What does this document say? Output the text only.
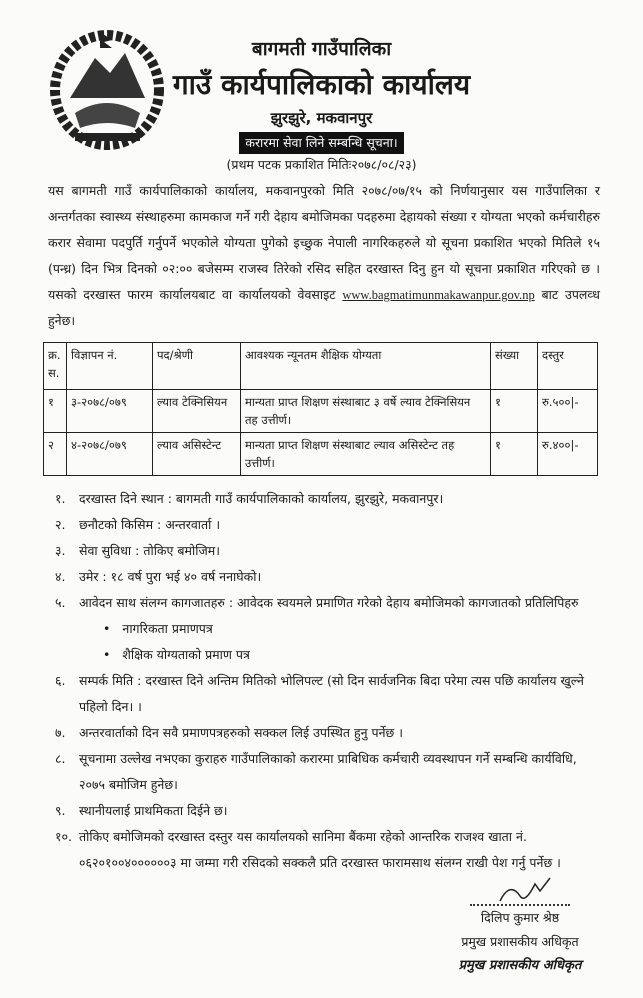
बागमती गाउँपालिका
गाउँ कार्यपालिकाको कार्यालय
झुरझुरे, मकवानपुर
करारमा सेवा लिने सम्बन्धि सूचना।
(प्रथम पटक प्रकाशित मितिः२०७८/०८/२३)
यस बागमती गाउँ कार्यपालिकाको कार्यालय, मकवानपुरको मिति २०७८/०७/१५ को निर्णयानुसार यस गाउँपालिका र अन्तर्गतका स्वास्थ्य संस्थाहरुमा कामकाज गर्ने गरी देहाय बमोजिमका पदहरुमा देहायको संख्या र योग्यता भएको कर्मचारीहरु करार सेवामा पदपुर्ति गर्नुपर्ने भएकोले योग्यता पुगेको इच्छुक नेपाली नागरिकहरुले यो सूचना प्रकाशित भएको मितिले १५ (पन्ध्र) दिन भित्र दिनको ०२:०० बजेसम्म राजस्व तिरेको रसिद सहित दरखास्त दिनु हुन यो सूचना प्रकाशित गरिएको छ । यसको दरखास्त फारम कार्यालयबाट वा कार्यालयको वेवसाइट www.bagmatimunmakawanpur.gov.np बाट उपलव्ध हुनेछ।
क्र. स.	विज्ञापन नं.	पद/श्रेणी	आवश्यक न्यूनतम शैक्षिक योग्यता	संख्या	दस्तुर
१	३-२०७८/०७९	ल्याव टेक्निसियन	मान्यता प्राप्त शिक्षण संस्थाबाट ३ वर्षे ल्याव टेक्निसियन तह उत्तीर्ण।	१	रु.५००|-
२	४-२०७८/०७९	ल्याव असिस्टेन्ट	मान्यता प्राप्त शिक्षण संस्थाबाट ल्याव असिस्टेन्ट तह उत्तीर्ण।	१	रु.४००|-
१.	दरखास्त दिने स्थान : बागमती गाउँ कार्यपालिकाको कार्यालय, झुरझुरे, मकवानपुर।
२.	छनौटको किसिम : अन्तरवार्ता ।
३.	सेवा सुविधा : तोकिए बमोजिम।
४.	उमेर : १८ वर्ष पुरा भई ४० वर्ष ननाघेको।
५.	आवेदन साथ संलग्न कागजातहरु : आवेदक स्वयमले प्रमाणित गरेको देहाय बमोजिमको कागजातको प्रतिलिपिहरु
• नागरिकता प्रमाणपत्र
• शैक्षिक योग्यताको प्रमाण पत्र
६.	सम्पर्क मिति : दरखास्त दिने अन्तिम मितिको भोलिपल्ट (सो दिन सार्वजनिक बिदा परेमा त्यस पछि कार्यालय खुल्ने पहिलो दिन। ।
७.	अन्तरवार्ताको दिन सवै प्रमाणपत्रहरुको सक्कल लिई उपस्थित हुनु पर्नेछ ।
८.	सूचनामा उल्लेख नभएका कुराहरु गाउँपालिकाको करारमा प्राबिधिक कर्मचारी व्यवस्थापन गर्ने सम्बन्धि कार्यविधि, २०७५ बमोजिम हुनेछ।
९.	स्थानीयलाई प्राथमिकता दिईने छ।
१०. तोकिए बमोजिमको दरखास्त दस्तुर यस कार्यालयको सानिमा बैंकमा रहेको आन्तरिक राजश्व खाता नं. ०६२०१००४००००००३ मा जम्मा गरी रसिदको सक्कलै प्रति दरखास्त फारामसाथ संलग्न राखी पेश गर्नु पर्नेछ ।
दिलिप कुमार श्रेष्ठ
प्रमुख प्रशासकीय अधिकृत
प्रमुख प्रशासकीय अधिकृत
